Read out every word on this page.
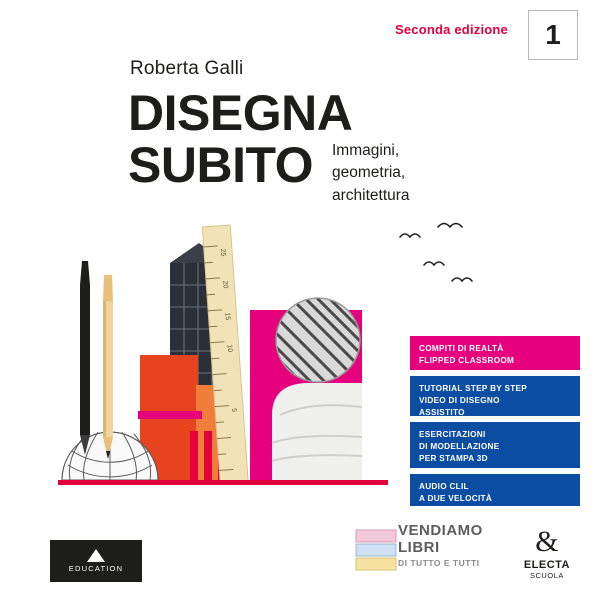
Seconda edizione 1
Roberta Galli
DISEGNA
SUBITO Immagini,
geometria,
architettura
25
20
15
10
5
COMPITI DI REALTÀ
FLIPPED CLASSROOM
TUTORIAL STEP BY STEP
VIDEO DI DISEGNO
ASSISTITO
ESERCITAZIONI
DI MODELLAZIONE
PER STAMPA 3D
AUDIO CLIL
A DUE VELOCITÀ
EDUCATION
&
ELECTA
SCUOLA
VENDIAMO
LIBRI
DI TUTTO E TUTTI
